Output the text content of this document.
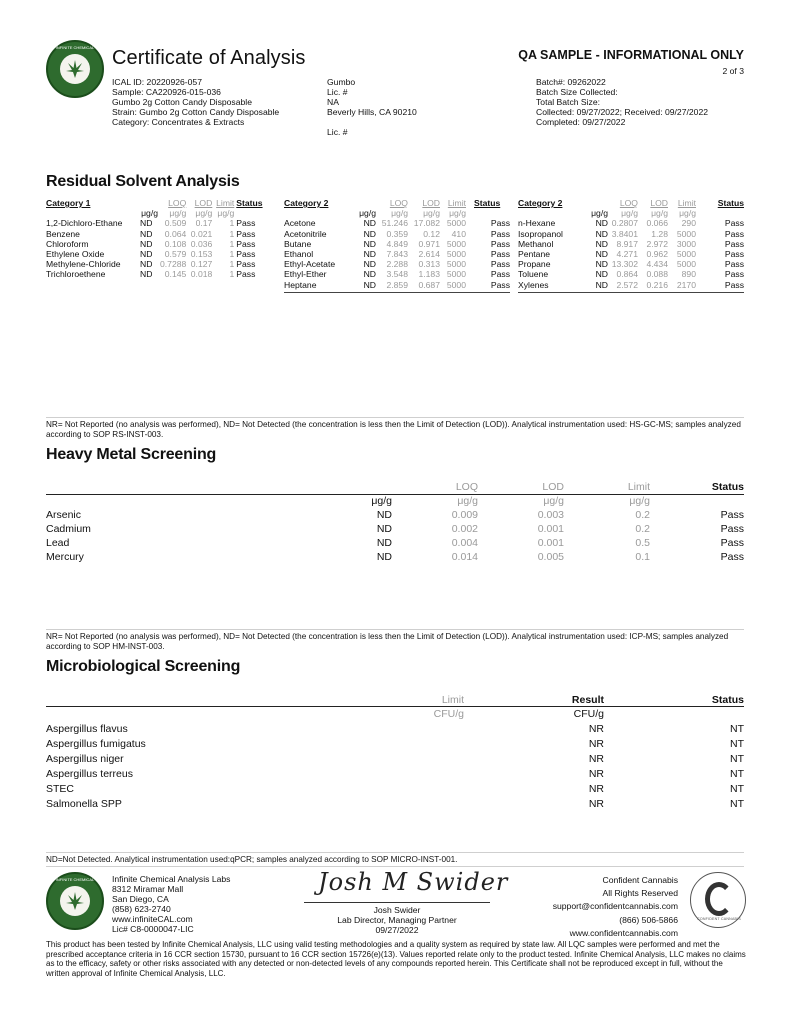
INFINITE CHEMICAL Certificate of Analysis	QA SAMPLE - INFORMATIONAL ONLY
2 of 3
ICAL ID: 20220926-057
Sample: CA220926-015-036
Gumbo 2g Cotton Candy Disposable
Strain: Gumbo 2g Cotton Candy Disposable
Category: Concentrates & Extracts
Gumbo
Lic. #
NA
Beverly Hills, CA 90210
Lic. #
Batch#: 09262022
Batch Size Collected:
Total Batch Size:
Collected: 09/27/2022; Received: 09/27/2022
Completed: 09/27/2022
Residual Solvent Analysis
Category 1		LOQ	LOD	Limit	Status
	μg/g	μg/g	μg/g	μg/g	
1,2-Dichloro-Ethane	ND	0.509	0.17	1	Pass
Benzene	ND	0.064	0.021	1	Pass
Chloroform	ND	0.108	0.036	1	Pass
Ethylene Oxide	ND	0.579	0.153	1	Pass
Methylene-Chloride	ND	0.7288	0.127	1	Pass
Trichloroethene	ND	0.145	0.018	1	Pass
Category 2		LOQ	LOD	Limit	Status
	μg/g	μg/g	μg/g	μg/g	
Acetone	ND	51.246	17.082	5000	Pass
Acetonitrile	ND	0.359	0.12	410	Pass
Butane	ND	4.849	0.971	5000	Pass
Ethanol	ND	7.843	2.614	5000	Pass
Ethyl-Acetate	ND	2.288	0.313	5000	Pass
Ethyl-Ether	ND	3.548	1.183	5000	Pass
Heptane	ND	2.859	0.687	5000	Pass
Category 2		LOQ	LOD	Limit	Status
	μg/g	μg/g	μg/g	μg/g	
n-Hexane	ND	0.2807	0.066	290	Pass
Isopropanol	ND	3.8401	1.28	5000	Pass
Methanol	ND	8.917	2.972	3000	Pass
Pentane	ND	4.271	0.962	5000	Pass
Propane	ND	13.302	4.434	5000	Pass
Toluene	ND	0.864	0.088	890	Pass
Xylenes	ND	2.572	0.216	2170	Pass
NR= Not Reported (no analysis was performed), ND= Not Detected (the concentration is less then the Limit of Detection (LOD)). Analytical instrumentation used: HS-GC-MS; samples analyzed according to SOP RS-INST-003.
Heavy Metal Screening
		LOQ	LOD	Limit	Status
	μg/g	μg/g	μg/g	μg/g	
Arsenic	ND	0.009	0.003	0.2	Pass
Cadmium	ND	0.002	0.001	0.2	Pass
Lead	ND	0.004	0.001	0.5	Pass
Mercury	ND	0.014	0.005	0.1	Pass
NR= Not Reported (no analysis was performed), ND= Not Detected (the concentration is less then the Limit of Detection (LOD)). Analytical instrumentation used: ICP-MS; samples analyzed according to SOP HM-INST-003.
Microbiological Screening
	Limit	Result	Status
	CFU/g	CFU/g	
Aspergillus flavus		NR	NT
Aspergillus fumigatus		NR	NT
Aspergillus niger		NR	NT
Aspergillus terreus		NR	NT
STEC		NR	NT
Salmonella SPP		NR	NT
ND=Not Detected. Analytical instrumentation used:qPCR; samples analyzed according to SOP MICRO-INST-001.
INFINITE CHEMICAL	Infinite Chemical Analysis Labs
8312 Miramar Mall
San Diego, CA
(858) 623-2740
www.infiniteCAL.com
Lic# C8-0000047-LIC
Josh M Swider
Josh Swider
Lab Director, Managing Partner
09/27/2022
Confident Cannabis
All Rights Reserved
support@confidentcannabis.com
(866) 506-5866
www.confidentcannabis.com
CONFIDENT CANNABIS
This product has been tested by Infinite Chemical Analysis, LLC using valid testing methodologies and a quality system as required by state law. All LQC samples were performed and met the prescribed acceptance criteria in 16 CCR section 15730, pursuant to 16 CCR section 15726(e)(13). Values reported relate only to the product tested. Infinite Chemical Analysis, LLC makes no claims as to the efficacy, safety or other risks associated with any detected or non-detected levels of any compounds reported herein. This Certificate shall not be reproduced except in full, without the written approval of Infinite Chemical Analysis, LLC.
